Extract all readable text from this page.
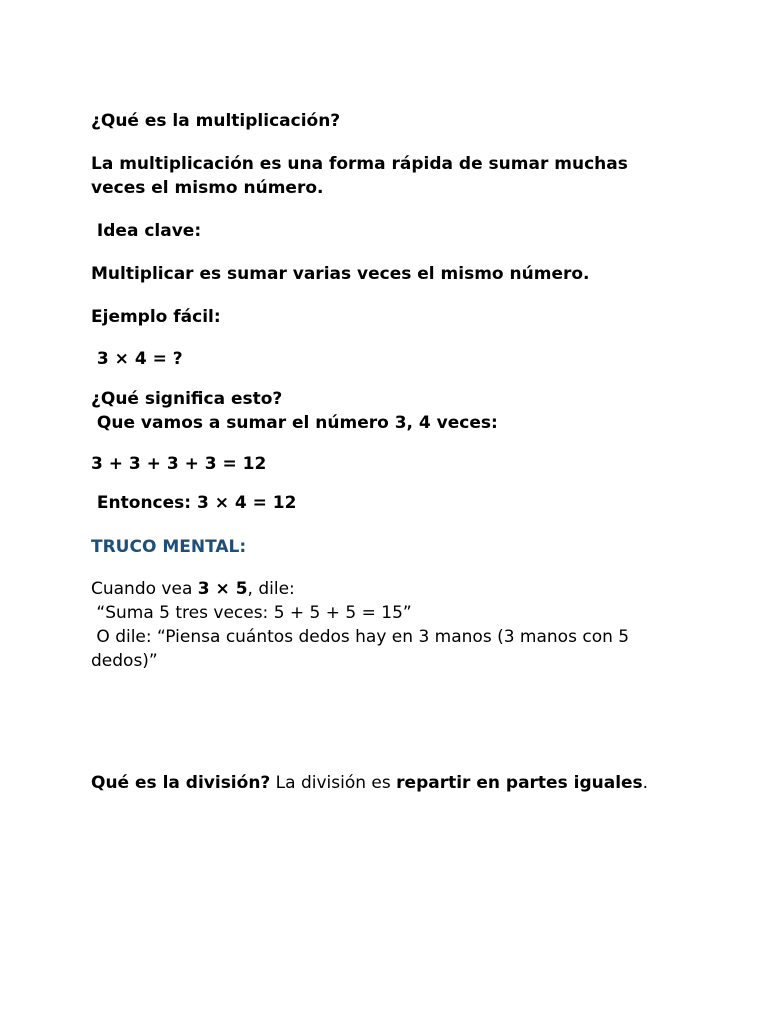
¿Qué es la multiplicación?
La multiplicación es una forma rápida de sumar muchas
veces el mismo número.
Idea clave:
Multiplicar es sumar varias veces el mismo número.
Ejemplo fácil:
3 × 4 = ?
¿Qué significa esto?
Que vamos a sumar el número 3, 4 veces:
3 + 3 + 3 + 3 = 12
Entonces: 3 × 4 = 12
TRUCO MENTAL:
Cuando vea 3 × 5, dile:
“Suma 5 tres veces: 5 + 5 + 5 = 15”
O dile: “Piensa cuántos dedos hay en 3 manos (3 manos con 5
dedos)”
Qué es la división? La división es repartir en partes iguales.
